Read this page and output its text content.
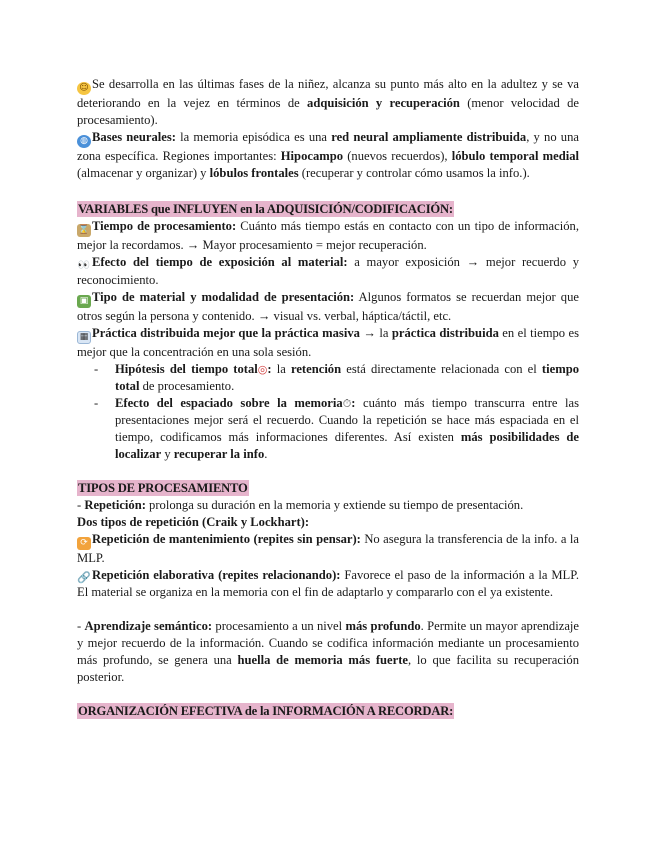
☺ Se desarrolla en las últimas fases de la niñez, alcanza su punto más alto en la adultez y se va deteriorando en la vejez en términos de adquisición y recuperación (menor velocidad de procesamiento).

◍ Bases neurales: la memoria episódica es una red neural ampliamente distribuida, y no una zona específica. Regiones importantes: Hipocampo (nuevos recuerdos), lóbulo temporal medial (almacenar y organizar) y lóbulos frontales (recuperar y controlar cómo usamos la info.).

VARIABLES que INFLUYEN en la ADQUISICIÓN/CODIFICACIÓN:

⌛ Tiempo de procesamiento: Cuánto más tiempo estás en contacto con un tipo de información, mejor la recordamos. → Mayor procesamiento = mejor recuperación.

👀 Efecto del tiempo de exposición al material: a mayor exposición → mejor recuerdo y reconocimiento.

▣ Tipo de material y modalidad de presentación: Algunos formatos se recuerdan mejor que otros según la persona y contenido. → visual vs. verbal, háptica/táctil, etc.

▦ Práctica distribuida mejor que la práctica masiva → la práctica distribuida en el tiempo es mejor que la concentración en una sola sesión.

- Hipótesis del tiempo total◎: la retención está directamente relacionada con el tiempo total de procesamiento.

- Efecto del espaciado sobre la memoria⏱: cuánto más tiempo transcurra entre las presentaciones mejor será el recuerdo. Cuando la repetición se hace más espaciada en el tiempo, codificamos más informaciones diferentes. Así existen más posibilidades de localizar y recuperar la info.

TIPOS DE PROCESAMIENTO

- Repetición: prolonga su duración en la memoria y extiende su tiempo de presentación.

Dos tipos de repetición (Craik y Lockhart):

⟳ Repetición de mantenimiento (repites sin pensar): No asegura la transferencia de la info. a la MLP.

🔗Repetición elaborativa (repites relacionando): Favorece el paso de la información a la MLP. El material se organiza en la memoria con el fin de adaptarlo y compararlo con el ya existente.

- Aprendizaje semántico: procesamiento a un nivel más profundo. Permite un mayor aprendizaje y mejor recuerdo de la información. Cuando se codifica información mediante un procesamiento más profundo, se genera una huella de memoria más fuerte, lo que facilita su recuperación posterior.

ORGANIZACIÓN EFECTIVA de la INFORMACIÓN A RECORDAR:
